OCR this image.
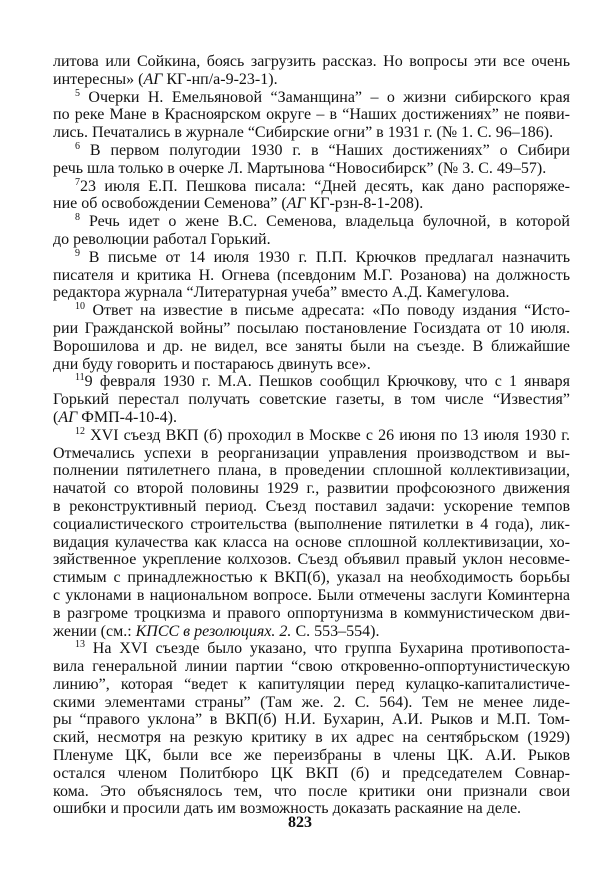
литова или Сойкина, боясь загрузить рассказ. Но вопросы эти все очень
интересны» (АГ КГ-нп/а-9-23-1).
$^5$ Очерки Н. Емельяновой “Заманщина” – о жизни сибирского края
по реке Мане в Красноярском округе – в “Наших достижениях” не появи-
лись. Печатались в журнале “Сибирские огни” в 1931 г. (№ 1. С. 96–186).
$^6$ В первом полугодии 1930 г. в “Наших достижениях” о Сибири
речь шла только в очерке Л. Мартынова “Новосибирск” (№ 3. С. 49–57).
$^7$23 июля Е.П. Пешкова писала: “Дней десять, как дано распоряже-
ние об освобождении Семенова” (АГ КГ-рзн-8-1-208).
$^8$ Речь идет о жене В.С. Семенова, владельца булочной, в которой
до революции работал Горький.
$^9$ В письме от 14 июля 1930 г. П.П. Крючков предлагал назначить
писателя и критика Н. Огнева (псевдоним М.Г. Розанова) на должность
редактора журнала “Литературная учеба” вместо А.Д. Камегулова.
$^{10}$ Ответ на известие в письме адресата: «По поводу издания “Исто-
рии Гражданской войны” посылаю постановление Госиздата от 10 июля.
Ворошилова и др. не видел, все заняты были на съезде. В ближайшие
дни буду говорить и постараюсь двинуть все».
$^{11}$9 февраля 1930 г. М.А. Пешков сообщил Крючкову, что с 1 января
Горький перестал получать советские газеты, в том числе “Известия”
(АГ ФМП-4-10-4).
$^{12}$ XVI съезд ВКП (б) проходил в Москве с 26 июня по 13 июля 1930 г.
Отмечались успехи в реорганизации управления производством и вы-
полнении пятилетнего плана, в проведении сплошной коллективизации,
начатой со второй половины 1929 г., развитии профсоюзного движения
в реконструктивный период. Съезд поставил задачи: ускорение темпов
социалистического строительства (выполнение пятилетки в 4 года), лик-
видация кулачества как класса на основе сплошной коллективизации, хо-
зяйственное укрепление колхозов. Съезд объявил правый уклон несовме-
стимым с принадлежностью к ВКП(б), указал на необходимость борьбы
с уклонами в национальном вопросе. Были отмечены заслуги Коминтерна
в разгроме троцкизма и правого оппортунизма в коммунистическом дви-
жении (см.: КПСС в резолюциях. 2. С. 553–554).
$^{13}$ На XVI съезде было указано, что группа Бухарина противопоста-
вила генеральной линии партии “свою откровенно-оппортунистическую
линию”, которая “ведет к капитуляции перед кулацко-капиталистиче-
скими элементами страны” (Там же. 2. С. 564). Тем не менее лиде-
ры “правого уклона” в ВКП(б) Н.И. Бухарин, А.И. Рыков и М.П. Том-
ский, несмотря на резкую критику в их адрес на сентябрьском (1929)
Пленуме ЦК, были все же переизбраны в члены ЦК. А.И. Рыков
остался членом Политбюро ЦК ВКП (б) и председателем Совнар-
кома. Это объяснялось тем, что после критики они признали свои
ошибки и просили дать им возможность доказать раскаяние на деле.
823
